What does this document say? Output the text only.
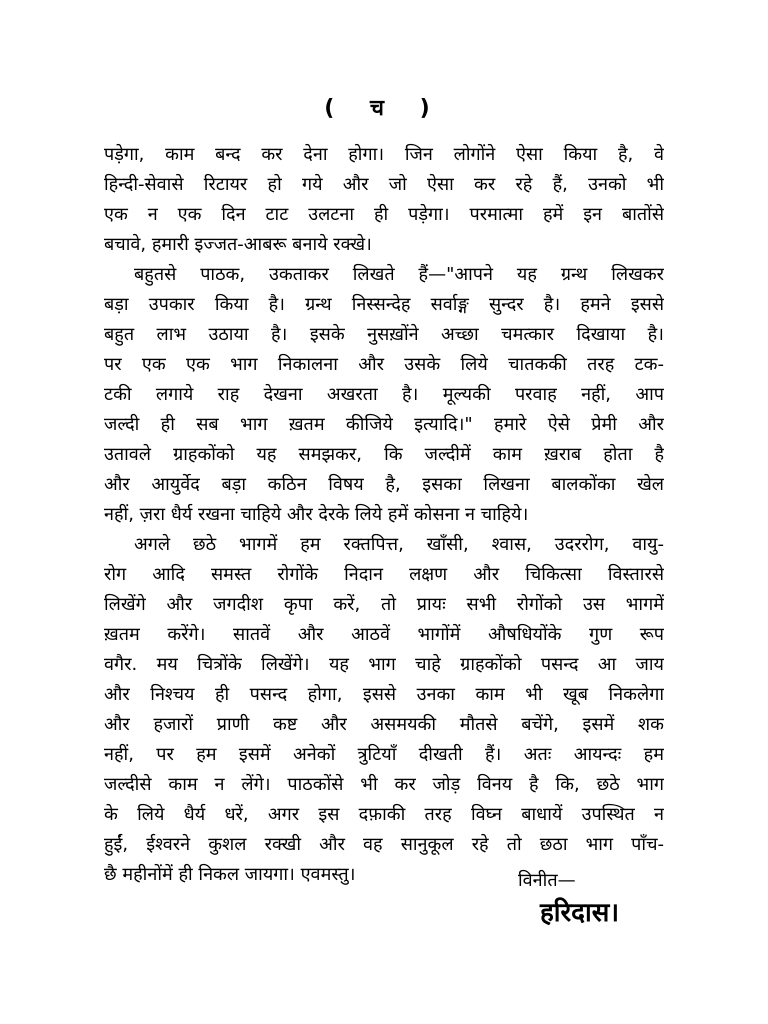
( च )
पड़ेगा, काम बन्द कर देना होगा। जिन लोगोंने ऐसा किया है, वे
हिन्दी-सेवासे रिटायर हो गये और जो ऐसा कर रहे हैं, उनको भी
एक न एक दिन टाट उलटना ही पड़ेगा। परमात्मा हमें इन बातोंसे
बचावे, हमारी इज्जत-आबरू बनाये रक्खे।
बहुतसे पाठक, उकताकर लिखते हैं—"आपने यह ग्रन्थ लिखकर
बड़ा उपकार किया है। ग्रन्थ निस्सन्देह सर्वाङ्ग सुन्दर है। हमने इससे
बहुत लाभ उठाया है। इसके नुसख़ोंने अच्छा चमत्कार दिखाया है।
पर एक एक भाग निकालना और उसके लिये चातककी तरह टक-
टकी लगाये राह देखना अखरता है। मूल्यकी परवाह नहीं, आप
जल्दी ही सब भाग ख़तम कीजिये इत्यादि।" हमारे ऐसे प्रेमी और
उतावले ग्राहकोंको यह समझकर, कि जल्दीमें काम ख़राब होता है
और आयुर्वेद बड़ा कठिन विषय है, इसका लिखना बालकोंका खेल
नहीं, ज़रा धैर्य रखना चाहिये और देरके लिये हमें कोसना न चाहिये।
अगले छठे भागमें हम रक्तपित्त, खाँसी, श्वास, उदररोग, वायु-
रोग आदि समस्त रोगोंके निदान लक्षण और चिकित्सा विस्तारसे
लिखेंगे और जगदीश कृपा करें, तो प्रायः सभी रोगोंको उस भागमें
ख़तम करेंगे। सातवें और आठवें भागोंमें औषधियोंके गुण रूप
वगैर. मय चित्रोंके लिखेंगे। यह भाग चाहे ग्राहकोंको पसन्द आ जाय
और निश्चय ही पसन्द होगा, इससे उनका काम भी खूब निकलेगा
और हजारों प्राणी कष्ट और असमयकी मौतसे बचेंगे, इसमें शक
नहीं, पर हम इसमें अनेकों त्रुटियाँ दीखती हैं। अतः आयन्दः हम
जल्दीसे काम न लेंगे। पाठकोंसे भी कर जोड़ विनय है कि, छठे भाग
के लिये धैर्य धरें, अगर इस दफ़ाकी तरह विघ्न बाधायें उपस्थित न
हुईं, ईश्वरने कुशल रक्खी और वह सानुकूल रहे तो छठा भाग पाँच-
छै महीनोंमें ही निकल जायगा। एवमस्तु।	विनीत—
हरिदास।
